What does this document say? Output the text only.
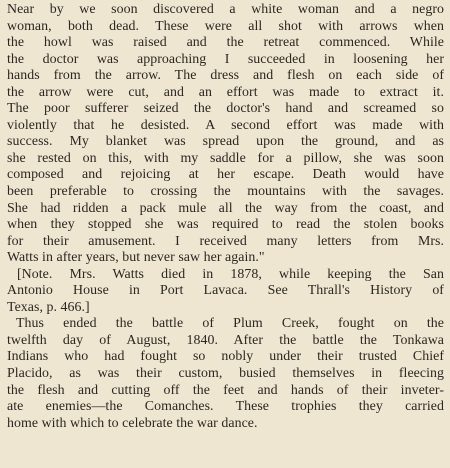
Near by we soon discovered a white woman and a negro
woman, both dead. These were all shot with arrows when
the howl was raised and the retreat commenced. While
the doctor was approaching I succeeded in loosening her
hands from the arrow. The dress and flesh on each side of
the arrow were cut, and an effort was made to extract it.
The poor sufferer seized the doctor's hand and screamed so
violently that he desisted. A second effort was made with
success. My blanket was spread upon the ground, and as
she rested on this, with my saddle for a pillow, she was soon
composed and rejoicing at her escape. Death would have
been preferable to crossing the mountains with the savages.
She had ridden a pack mule all the way from the coast, and
when they stopped she was required to read the stolen books
for their amusement. I received many letters from Mrs.
Watts in after years, but never saw her again."
[Note. Mrs. Watts died in 1878, while keeping the San
Antonio House in Port Lavaca. See Thrall's History of
Texas, p. 466.]
Thus ended the battle of Plum Creek, fought on the
twelfth day of August, 1840. After the battle the Tonkawa
Indians who had fought so nobly under their trusted Chief
Placido, as was their custom, busied themselves in fleecing
the flesh and cutting off the feet and hands of their inveter-
ate enemies—the Comanches. These trophies they carried
home with which to celebrate the war dance.
